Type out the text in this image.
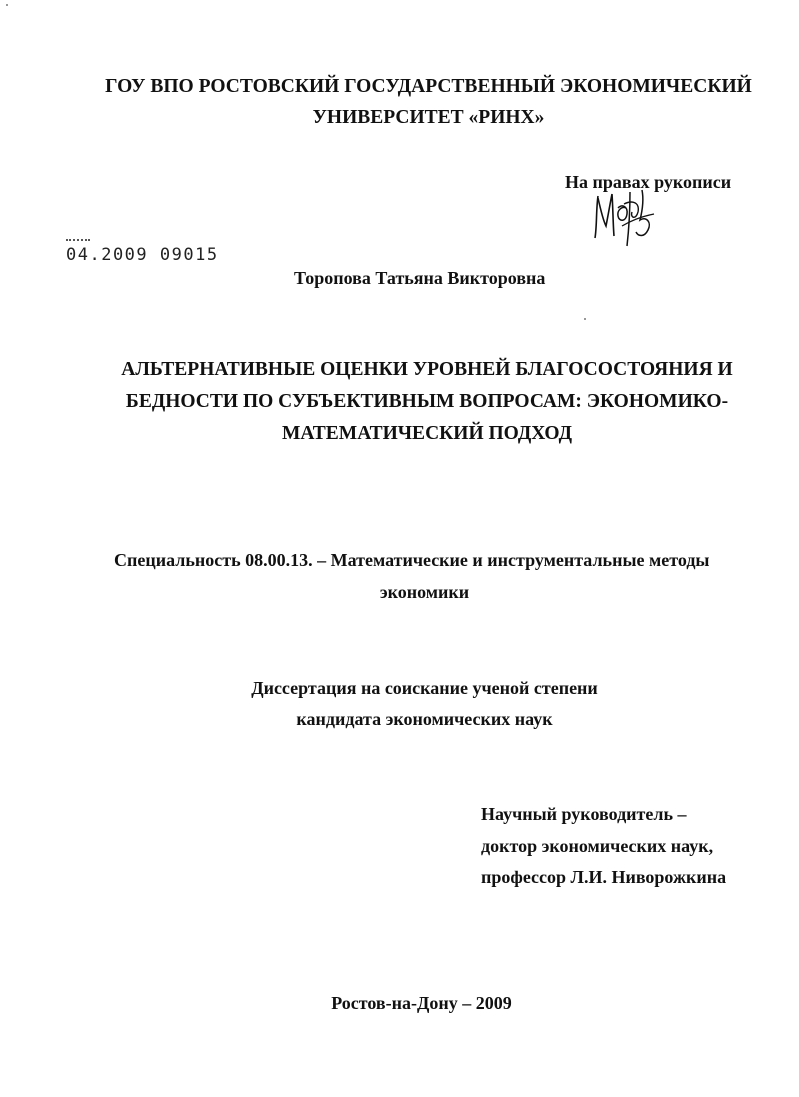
ГОУ ВПО РОСТОВСКИЙ ГОСУДАРСТВЕННЫЙ ЭКОНОМИЧЕСКИЙ
УНИВЕРСИТЕТ «РИНХ»
На правах рукописи
04.2009 09015
Торопова Татьяна Викторовна
АЛЬТЕРНАТИВНЫЕ ОЦЕНКИ УРОВНЕЙ БЛАГОСОСТОЯНИЯ И
БЕДНОСТИ ПО СУБЪЕКТИВНЫМ ВОПРОСАМ: ЭКОНОМИКО-
МАТЕМАТИЧЕСКИЙ ПОДХОД
Специальность 08.00.13. – Математические и инструментальные методы
экономики
Диссертация на соискание ученой степени
кандидата экономических наук
Научный руководитель –
доктор экономических наук,
профессор Л.И. Ниворожкина
Ростов-на-Дону – 2009
